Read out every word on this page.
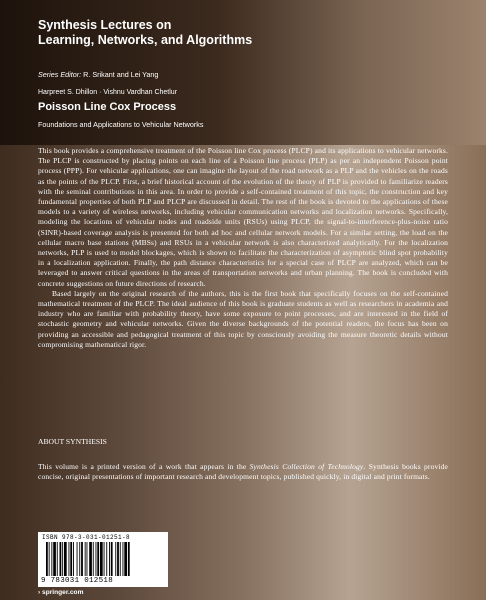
Synthesis Lectures on
Learning, Networks, and Algorithms
Series Editor: R. Srikant and Lei Yang
Harpreet S. Dhillon · Vishnu Vardhan Chetlur
Poisson Line Cox Process
Foundations and Applications to Vehicular Networks

This book provides a comprehensive treatment of the Poisson line Cox process (PLCP) and its applications to vehicular networks. The PLCP is constructed by placing points on each line of a Poisson line process (PLP) as per an independent Poisson point process (PPP). For vehicular applications, one can imagine the layout of the road network as a PLP and the vehicles on the roads as the points of the PLCP. First, a brief historical account of the evolution of the theory of PLP is provided to familiarize readers with the seminal contributions in this area. In order to provide a self-contained treatment of this topic, the construction and key fundamental properties of both PLP and PLCP are discussed in detail. The rest of the book is devoted to the applications of these models to a variety of wireless networks, including vehicular communication networks and localization networks. Specifically, modeling the locations of vehicular nodes and roadside units (RSUs) using PLCP, the signal-to-interference-plus-noise ratio (SINR)-based coverage analysis is presented for both ad hoc and cellular network models. For a similar setting, the load on the cellular macro base stations (MBSs) and RSUs in a vehicular network is also characterized analytically. For the localization networks, PLP is used to model blockages, which is shown to facilitate the characterization of asymptotic blind spot probability in a localization application. Finally, the path distance characteristics for a special case of PLCP are analyzed, which can be leveraged to answer critical questions in the areas of transportation networks and urban planning. The book is concluded with concrete suggestions on future directions of research.

Based largely on the original research of the authors, this is the first book that specifically focuses on the self-contained mathematical treatment of the PLCP. The ideal audience of this book is graduate students as well as researchers in academia and industry who are familiar with probability theory, have some exposure to point processes, and are interested in the field of stochastic geometry and vehicular networks. Given the diverse backgrounds of the potential readers, the focus has been on providing an accessible and pedagogical treatment of this topic by consciously avoiding the measure theoretic details without compromising mathematical rigor.

ABOUT SYNTHESIS
This volume is a printed version of a work that appears in the Synthesis Collection of Technology. Synthesis books provide concise, original presentations of important research and development topics, published quickly, in digital and print formats.
ISBN 978-3-031-01251-8
9 783031 012518
› springer.com
